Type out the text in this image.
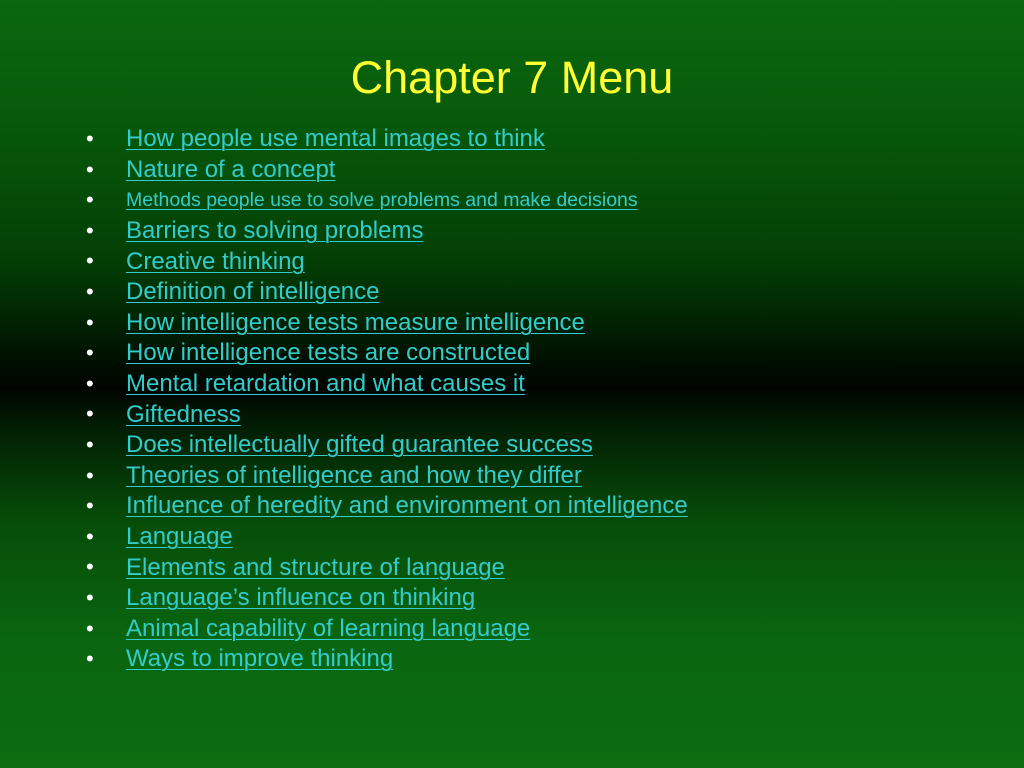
Chapter 7 Menu
• How people use mental images to think
• Nature of a concept
• Methods people use to solve problems and make decisions
• Barriers to solving problems
• Creative thinking
• Definition of intelligence
• How intelligence tests measure intelligence
• How intelligence tests are constructed
• Mental retardation and what causes it
• Giftedness
• Does intellectually gifted guarantee success
• Theories of intelligence and how they differ
• Influence of heredity and environment on intelligence
• Language
• Elements and structure of language
• Language’s influence on thinking
• Animal capability of learning language
• Ways to improve thinking
